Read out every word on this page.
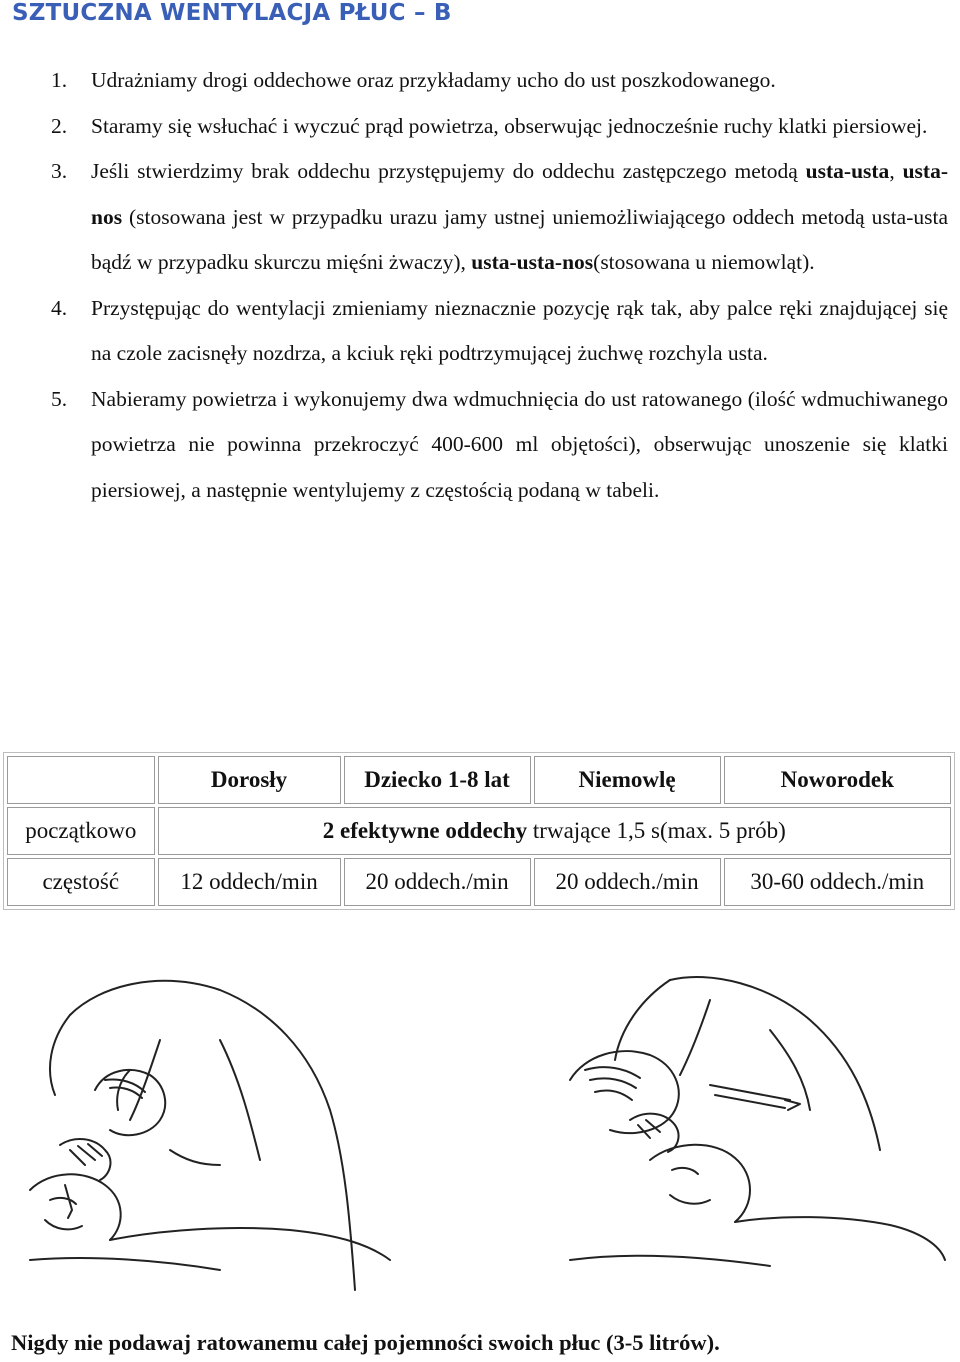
SZTUCZNA WENTYLACJA PŁUC – B
1. Udrażniamy drogi oddechowe oraz przykładamy ucho do ust poszkodowanego.
2. Staramy się wsłuchać i wyczuć prąd powietrza, obserwując jednocześnie ruchy klatki piersiowej.
3. Jeśli stwierdzimy brak oddechu przystępujemy do oddechu zastępczego metodą usta-usta, usta-nos (stosowana jest w przypadku urazu jamy ustnej uniemożliwiającego oddech metodą usta-usta bądź w przypadku skurczu mięśni żwaczy), usta-usta-nos(stosowana u niemowląt).
4. Przystępując do wentylacji zmieniamy nieznacznie pozycję rąk tak, aby palce ręki znajdującej się na czole zacisnęły nozdrza, a kciuk ręki podtrzymującej żuchwę rozchyla usta.
5. Nabieramy powietrza i wykonujemy dwa wdmuchnięcia do ust ratowanego (ilość wdmuchiwanego powietrza nie powinna przekroczyć 400-600 ml objętości), obserwując unoszenie się klatki piersiowej, a następnie wentylujemy z częstością podaną w tabeli.
	Dorosły	Dziecko 1-8 lat	Niemowlę	Noworodek
początkowo	2 efektywne oddechy trwające 1,5 s(max. 5 prób)			
częstość	12 oddech/min	20 oddech./min	20 oddech./min	30-60 oddech./min
Nigdy nie podawaj ratowanemu całej pojemności swoich płuc (3-5 litrów).
